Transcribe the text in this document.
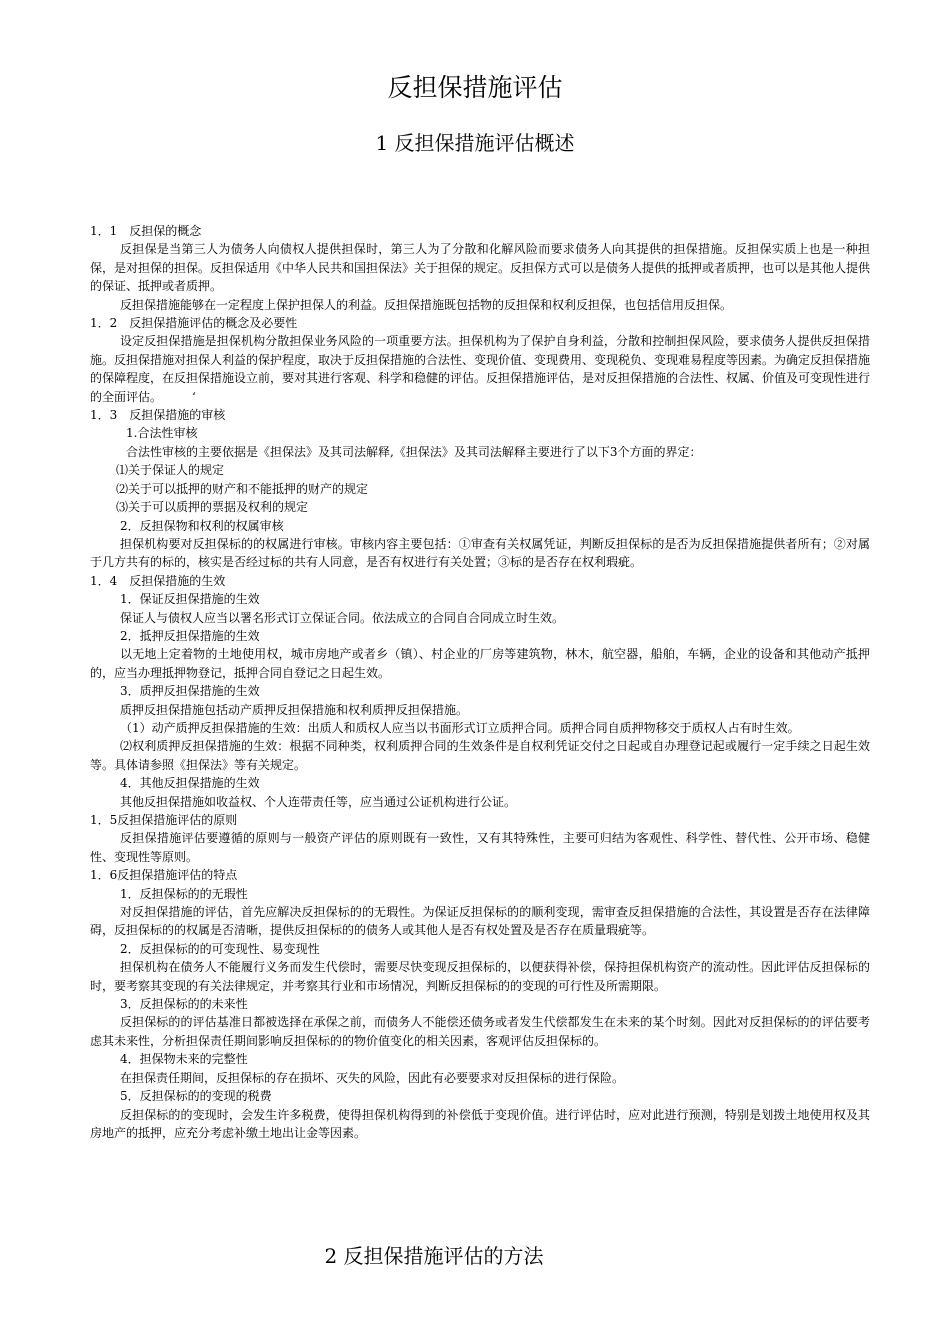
反担保措施评估
1 反担保措施评估概述

1．1　反担保的概念

反担保是当第三人为债务人向债权人提供担保时，第三人为了分散和化解风险而要求债务人向其提供的担保措施。反担保实质上也是一种担保，是对担保的担保。反担保适用《中华人民共和国担保法》关于担保的规定。反担保方式可以是债务人提供的抵押或者质押，也可以是其他人提供的保证、抵押或者质押。

反担保措施能够在一定程度上保护担保人的利益。反担保措施既包括物的反担保和权利反担保，也包括信用反担保。

1．2　反担保措施评估的概念及必要性

设定反担保措施是担保机构分散担保业务风险的一项重要方法。担保机构为了保护自身利益，分散和控制担保风险，要求债务人提供反担保措施。反担保措施对担保人利益的保护程度，取决于反担保措施的合法性、变现价值、变现费用、变现税负、变现难易程度等因素。为确定反担保措施的保障程度，在反担保措施设立前，要对其进行客观、科学和稳健的评估。反担保措施评估，是对反担保措施的合法性、权属、价值及可变现性进行的全面评估。　　　‘

1．3　反担保措施的审核

1.合法性审核

合法性审核的主要依据是《担保法》及其司法解释,《担保法》及其司法解释主要进行了以下3个方面的界定：

⑴关于保证人的规定

⑵关于可以抵押的财产和不能抵押的财产的规定

⑶关于可以质押的票据及权利的规定

2．反担保物和权利的权属审核

担保机构要对反担保标的的权属进行审核。审核内容主要包括：①审查有关权属凭证，判断反担保标的是否为反担保措施提供者所有；②对属于几方共有的标的，核实是否经过标的共有人同意，是否有权进行有关处置；③标的是否存在权利瑕疵。

1．4　反担保措施的生效

1．保证反担保措施的生效

保证人与债权人应当以署名形式订立保证合同。依法成立的合同自合同成立时生效。

2．抵押反担保措施的生效

以无地上定着物的土地使用权，城市房地产或者乡（镇）、村企业的厂房等建筑物，林木，航空器，船舶，车辆，企业的设备和其他动产抵押的，应当办理抵押物登记，抵押合同自登记之日起生效。

3．质押反担保措施的生效

质押反担保措施包括动产质押反担保措施和权利质押反担保措施。

（1）动产质押反担保措施的生效：出质人和质权人应当以书面形式订立质押合同。质押合同自质押物移交于质权人占有时生效。

⑵权利质押反担保措施的生效：根据不同种类，权利质押合同的生效条件是自权利凭证交付之日起或自办理登记起或履行一定手续之日起生效等。具体请参照《担保法》等有关规定。

4．其他反担保措施的生效

其他反担保措施如收益权、个人连带责任等，应当通过公证机构进行公证。

1．5反担保措施评估的原则

反担保措施评估要遵循的原则与一般资产评估的原则既有一致性，又有其特殊性，主要可归结为客观性、科学性、替代性、公开市场、稳健性、变现性等原则。

1．6反担保措施评估的特点

1．反担保标的的无瑕性

对反担保措施的评估，首先应解决反担保标的的无瑕性。为保证反担保标的的顺利变现，需审查反担保措施的合法性，其设置是否存在法律障碍，反担保标的的权属是否清晰，提供反担保标的的债务人或其他人是否有权处置及是否存在质量瑕疵等。

2．反担保标的的可变现性、易变现性

担保机构在债务人不能履行义务而发生代偿时，需要尽快变现反担保标的，以便获得补偿，保持担保机构资产的流动性。因此评估反担保标的时，要考察其变现的有关法律规定，并考察其行业和市场情况，判断反担保标的的变现的可行性及所需期限。

3．反担保标的的未来性

反担保标的的评估基准日都被选择在承保之前，而债务人不能偿还债务或者发生代偿都发生在未来的某个时刻。因此对反担保标的的评估要考虑其未来性，分析担保责任期间影响反担保标的的物价值变化的相关因素，客观评估反担保标的。

4．担保物未来的完整性

在担保责任期间，反担保标的存在损坏、灭失的风险，因此有必要要求对反担保标的进行保险。

5．反担保标的的变现的税费

反担保标的的变现时，会发生许多税费，使得担保机构得到的补偿低于变现价值。进行评估时，应对此进行预测，特别是划拨土地使用权及其房地产的抵押，应充分考虑补缴土地出让金等因素。

2 反担保措施评估的方法
